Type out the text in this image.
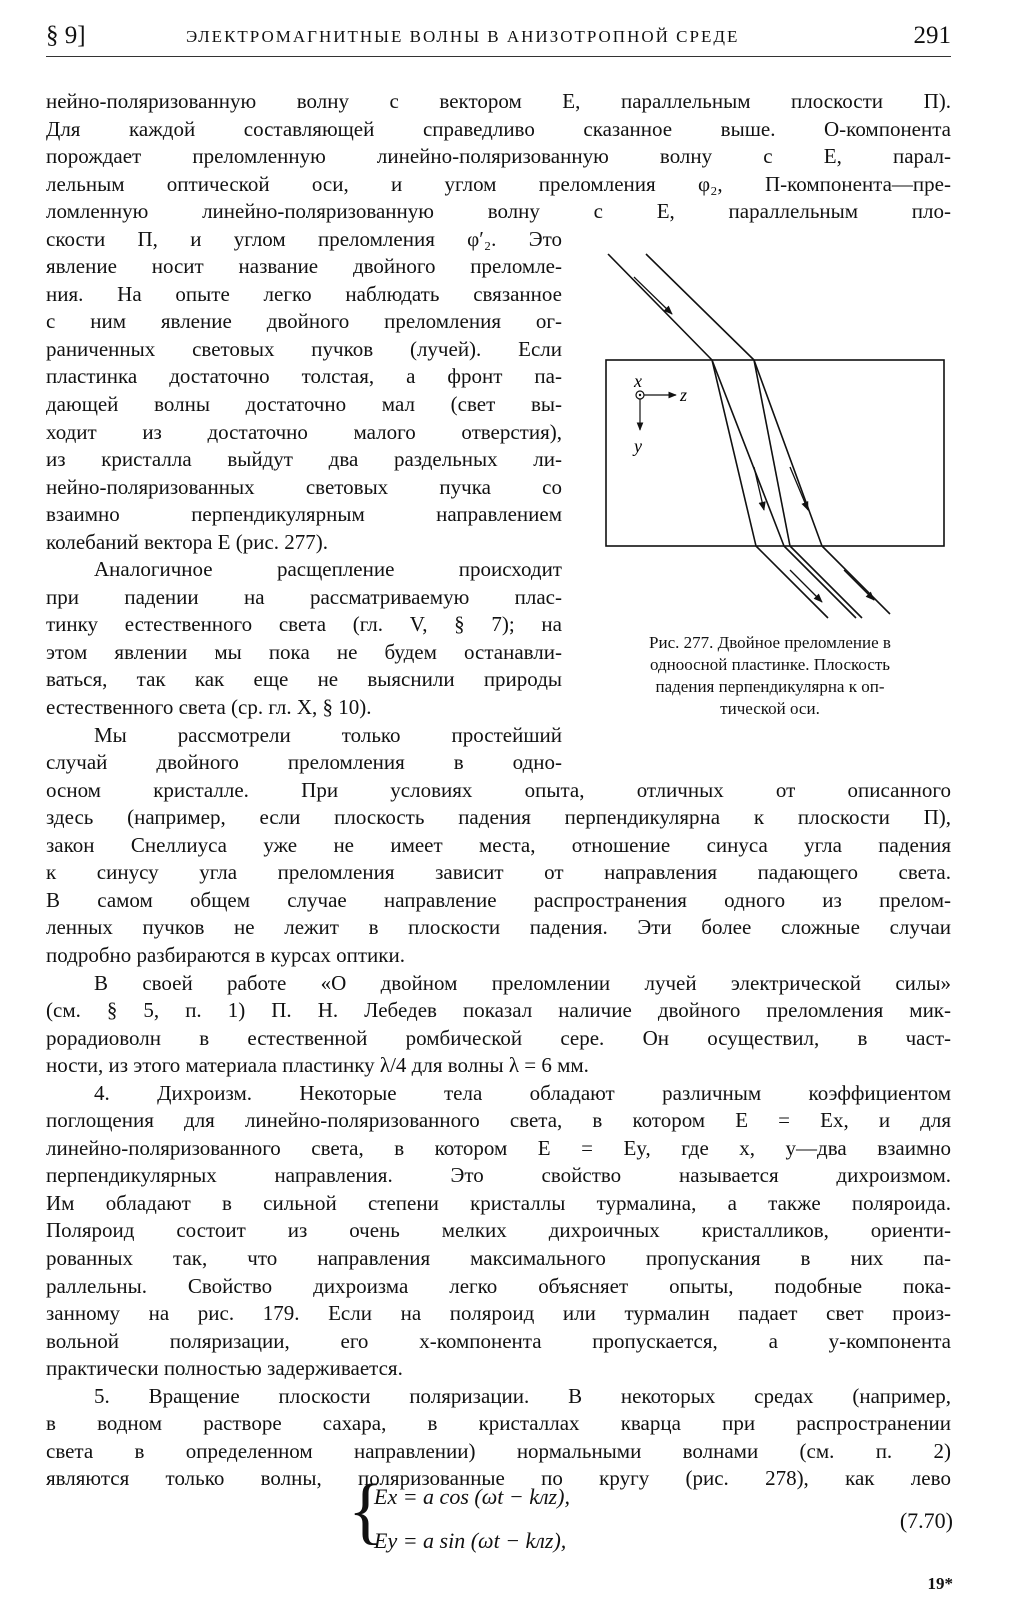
§ 9]	ЭЛЕКТРОМАГНИТНЫЕ ВОЛНЫ В АНИЗОТРОПНОЙ СРЕДЕ	291
нейно-поляризованную волну с вектором E, параллельным плоскости П).
Для каждой составляющей справедливо сказанное выше. О-компонента
порождает преломленную линейно-поляризованную волну с E, парал-
лельным оптической оси, и углом преломления φ₂, П-компонента—пре-
ломленную линейно-поляризованную волну с E, параллельным пло-
скости П, и углом преломления φ′₂. Это
явление носит название двойного преломле-
ния. На опыте легко наблюдать связанное
с ним явление двойного преломления ог-
раниченных световых пучков (лучей). Если
пластинка достаточно толстая, а фронт па-
дающей волны достаточно мал (свет вы-
ходит из достаточно малого отверстия),
из кристалла выйдут два раздельных ли-
нейно-поляризованных световых пучка со
взаимно перпендикулярным направлением
колебаний вектора E (рис. 277).
Аналогичное расщепление происходит
при падении на рассматриваемую плас-
тинку естественного света (гл. V, § 7); на
этом явлении мы пока не будем останавли-
ваться, так как еще не выяснили природы
естественного света (ср. гл. X, § 10).
Мы рассмотрели только простейший
случай двойного преломления в одно-
осном кристалле. При условиях опыта, отличных от описанного
здесь (например, если плоскость падения перпендикулярна к плоскости П),
закон Снеллиуса уже не имеет места, отношение синуса угла падения
к синусу угла преломления зависит от направления падающего света.
В самом общем случае направление распространения одного из прелом-
ленных пучков не лежит в плоскости падения. Эти более сложные случаи
подробно разбираются в курсах оптики.
В своей работе «О двойном преломлении лучей электрической силы»
(см. § 5, п. 1) П. Н. Лебедев показал наличие двойного преломления мик-
рорадиоволн в естественной ромбической сере. Он осуществил, в част-
ности, из этого материала пластинку λ/4 для волны λ = 6 мм.
4. Дихроизм. Некоторые тела обладают различным коэффициентом
поглощения для линейно-поляризованного света, в котором E = Ex, и для
линейно-поляризованного света, в котором E = Ey, где x, y—два взаимно
перпендикулярных направления. Это свойство называется дихроизмом.
Им обладают в сильной степени кристаллы турмалина, а также поляроида.
Поляроид состоит из очень мелких дихроичных кристалликов, ориенти-
рованных так, что направления максимального пропускания в них па-
раллельны. Свойство дихроизма легко объясняет опыты, подобные пока-
занному на рис. 179. Если на поляроид или турмалин падает свет произ-
вольной поляризации, его x-компонента пропускается, а y-компонента
практически полностью задерживается.
5. Вращение плоскости поляризации. В некоторых средах (например,
в водном растворе сахара, в кристаллах кварца при распространении
света в определенном направлении) нормальными волнами (см. п. 2)
являются только волны, поляризованные по кругу (рис. 278), как левo
x
z
y
Рис. 277. Двойное преломление в
одноосной пластинке. Плоскость
падения перпендикулярна к оп-
тической оси.
{
Ex = a cos (ωt − kлz),
Ey = a sin (ωt − kлz),
(7.70)
19*
